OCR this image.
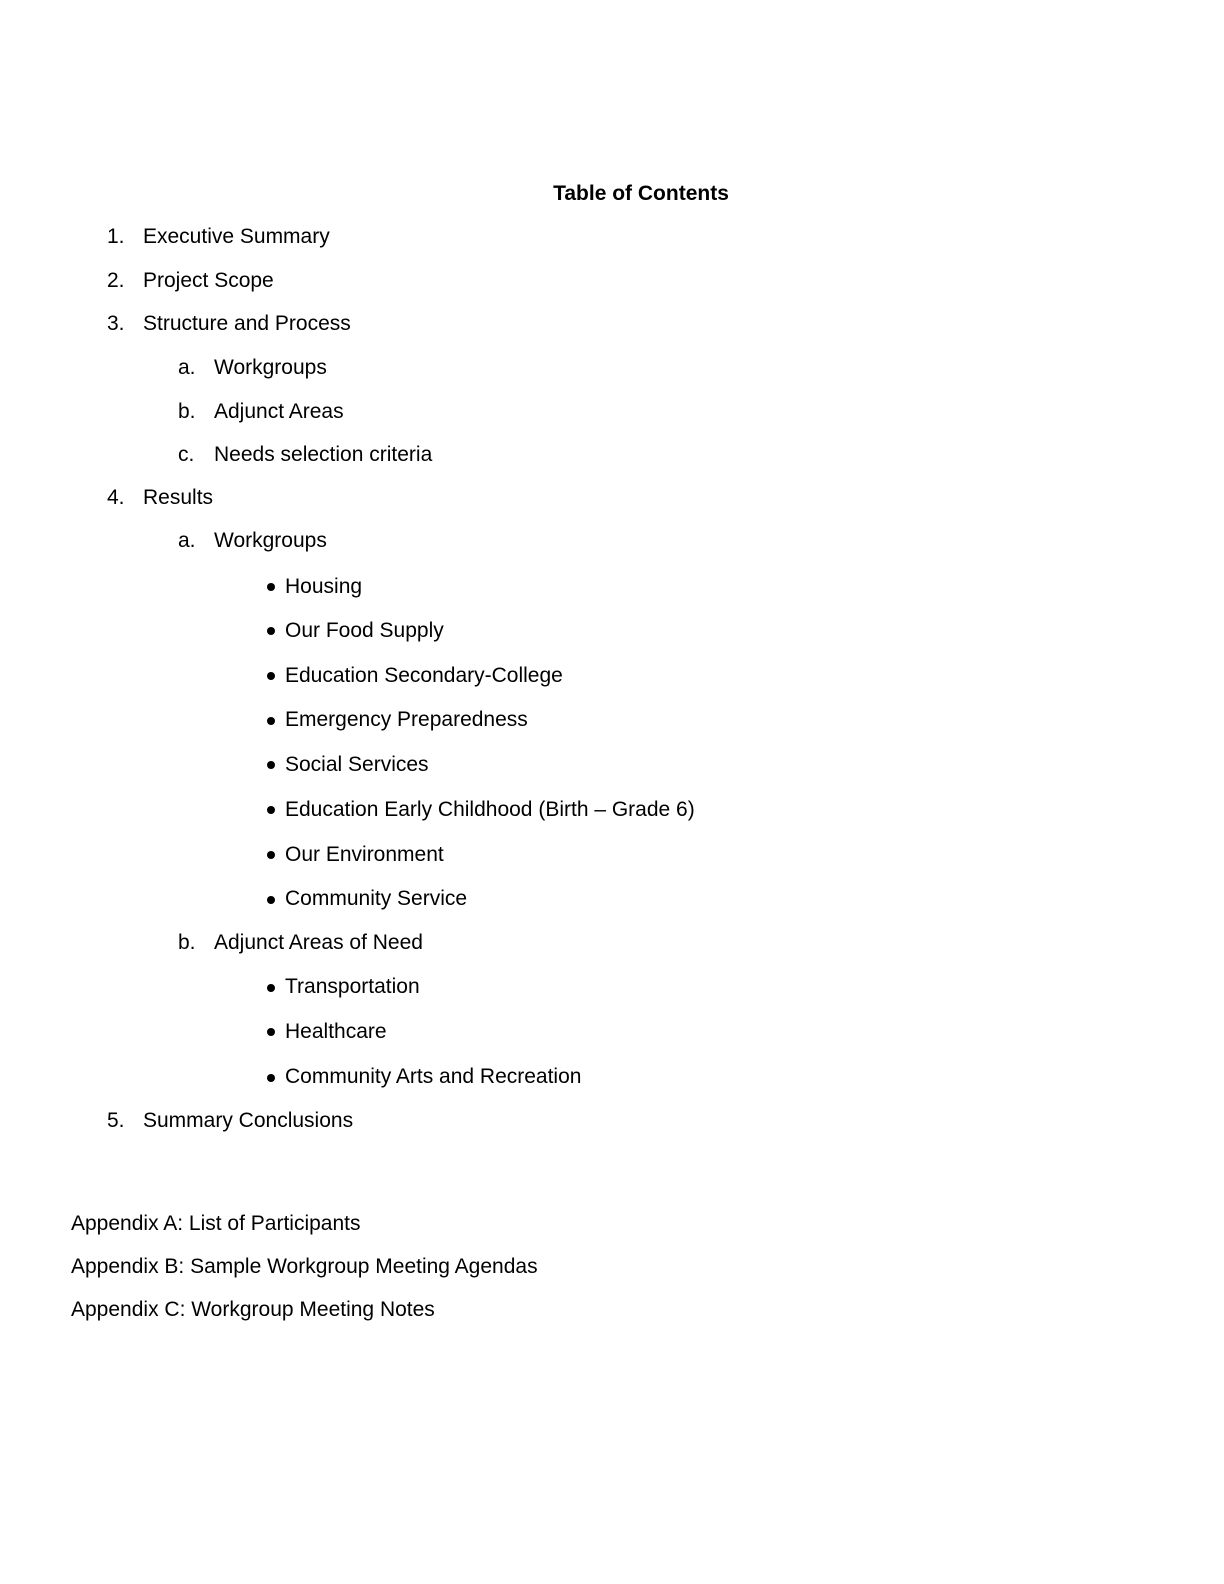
Table of Contents
1. Executive Summary
2. Project Scope
3. Structure and Process
a. Workgroups
b. Adjunct Areas
c. Needs selection criteria
4. Results
a. Workgroups
Housing
Our Food Supply
Education Secondary-College
Emergency Preparedness
Social Services
Education Early Childhood (Birth – Grade 6)
Our Environment
Community Service
b. Adjunct Areas of Need
Transportation
Healthcare
Community Arts and Recreation
5. Summary Conclusions
Appendix A: List of Participants
Appendix B: Sample Workgroup Meeting Agendas
Appendix C: Workgroup Meeting Notes
